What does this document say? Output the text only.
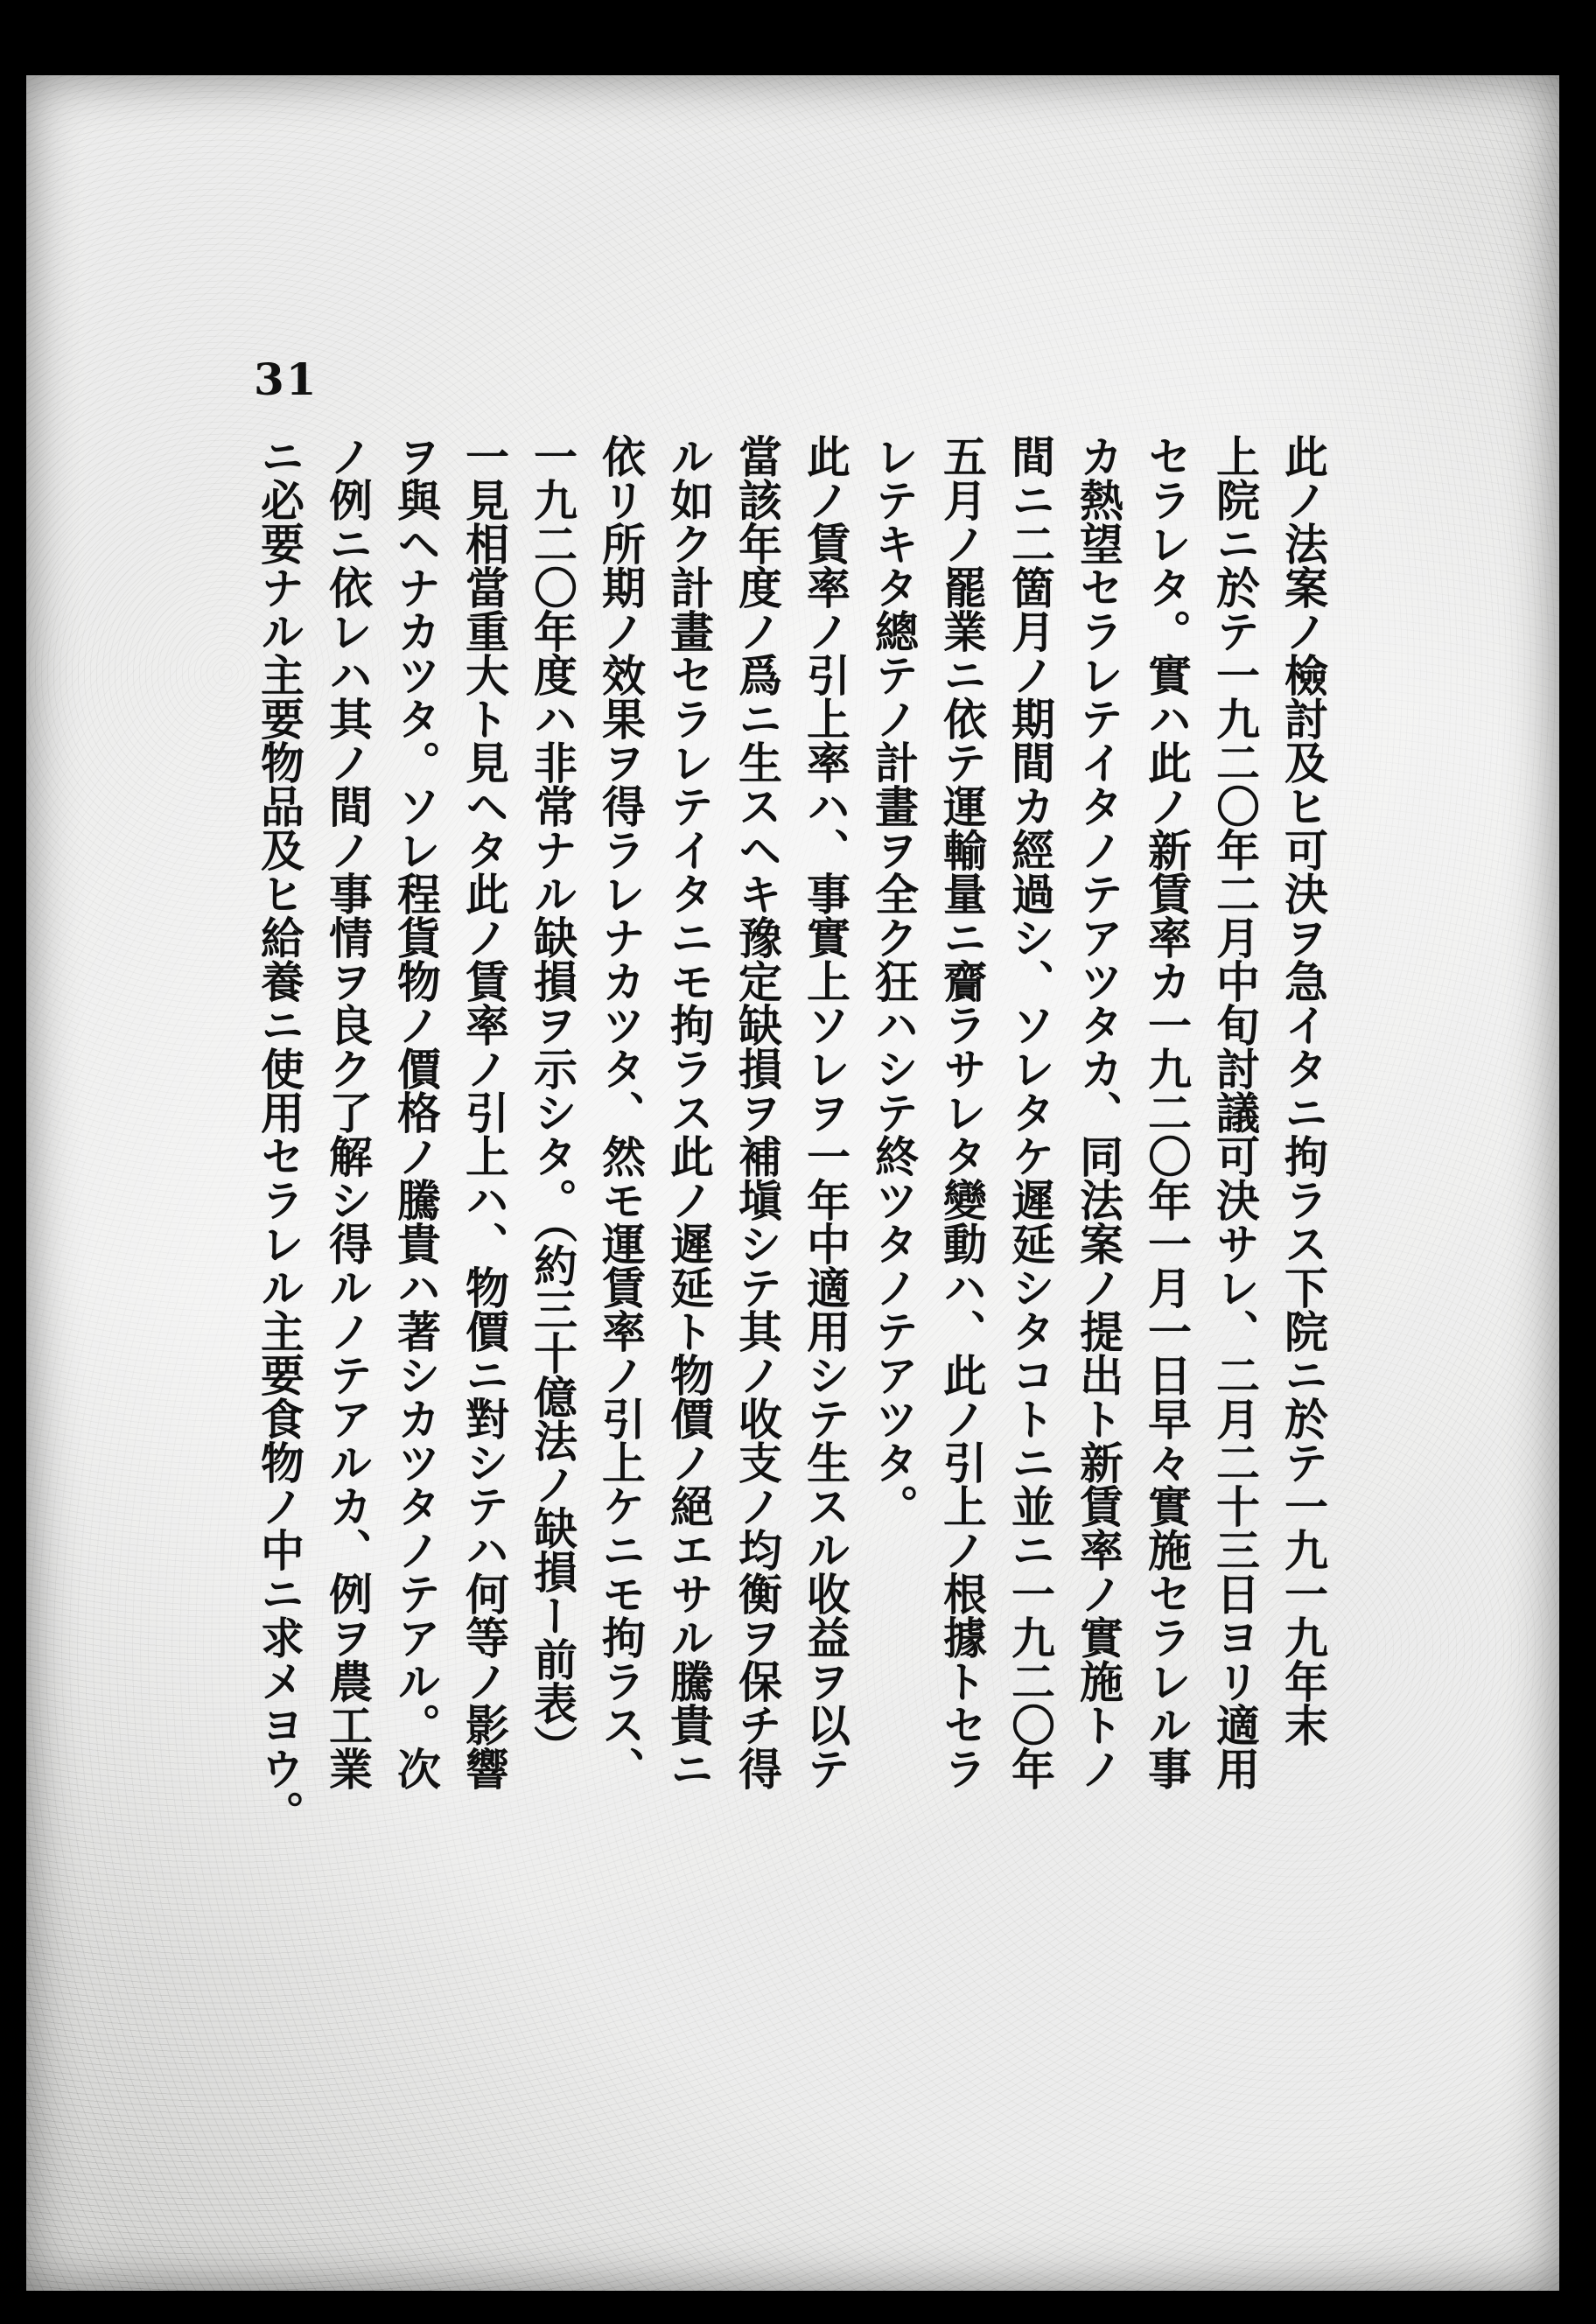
31
此ノ法案ノ檢討及ヒ可決ヲ急イタニ拘ラス下院ニ於テ一九一九年末
上院ニ於テ一九二〇年二月中旬討議可決サレ、二月二十三日ヨリ適用
セラレタ。實ハ此ノ新賃率カ一九二〇年一月一日早々實施セラレル事
カ熱望セラレテイタノテアツタカ、同法案ノ提出ト新賃率ノ實施トノ
間ニ二箇月ノ期間カ經過シ、ソレタケ遲延シタコトニ並ニ一九二〇年
五月ノ罷業ニ依テ運輸量ニ齎ラサレタ變動ハ、此ノ引上ノ根據トセラ
レテキタ總テノ計畫ヲ全ク狂ハシテ終ツタノテアツタ。
此ノ賃率ノ引上率ハ、事實上ソレヲ一年中適用シテ生スル收益ヲ以テ
當該年度ノ爲ニ生スヘキ豫定缺損ヲ補塡シテ其ノ收支ノ均衡ヲ保チ得
ル如ク計畫セラレテイタニモ拘ラス此ノ遲延ト物價ノ絕エサル騰貴ニ
依リ所期ノ效果ヲ得ラレナカツタ、然モ運賃率ノ引上ケニモ拘ラス、
一九二〇年度ハ非常ナル缺損ヲ示シタ。（約三十億法ノ缺損ー前表）
一見相當重大ト見ヘタ此ノ賃率ノ引上ハ、物價ニ對シテハ何等ノ影響
ヲ與ヘナカツタ。ソレ程貨物ノ價格ノ騰貴ハ著シカツタノテアル。次
ノ例ニ依レハ其ノ間ノ事情ヲ良ク了解シ得ルノテアルカ、例ヲ農工業
ニ必要ナル主要物品及ヒ給養ニ使用セラレル主要食物ノ中ニ求メヨウ。
